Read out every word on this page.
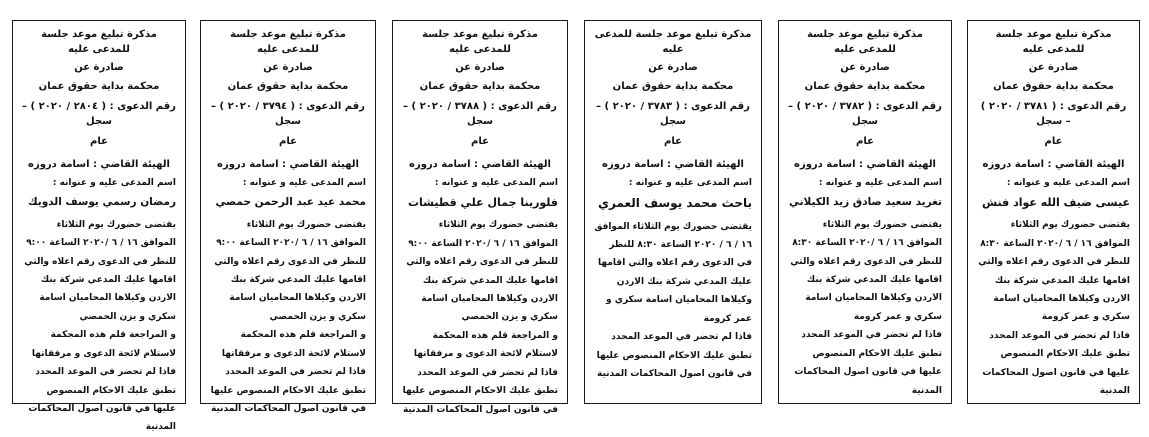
مذكرة تبليغ موعد جلسة للمدعى عليه
صادرة عن
محكمة بداية حقوق عمان
رقم الدعوى : ( ٢٨٠٤ / ٢٠٢٠ ) – سجل
عام
الهيئة القاضي : اسامة دروزه
اسم المدعى عليه و عنوانه :
رمضان رسمي يوسف الدويك

يقتضى حضورك يوم الثلاثاء الموافق ١٦ / ٦ /٢٠٢٠ الساعة ٩:٠٠ للنظر في الدعوى رقم اعلاه والتي اقامها عليك المدعي شركة بنك الاردن وكيلاها المحاميان اسامة سكري و يزن الحمصي

و المراجعة قلم هذه المحكمة لاستلام لائحة الدعوى و مرفقاتها

فاذا لم تحضر في الموعد المحدد تطبق عليك الاحكام المنصوص عليها في قانون اصول المحاكمات المدنية

مذكرة تبليغ موعد جلسة للمدعى عليه
صادرة عن
محكمة بداية حقوق عمان
رقم الدعوى : ( ٣٧٩٤ / ٢٠٢٠ ) – سجل
عام
الهيئة القاضي : اسامة دروزه
اسم المدعى عليه و عنوانه :
محمد عيد عبد الرحمن حمصي

يقتضى حضورك يوم الثلاثاء الموافق ١٦ / ٦ /٢٠٢٠ الساعة ٩:٠٠ للنظر في الدعوى رقم اعلاه والتي اقامها عليك المدعي شركة بنك الاردن وكيلاها المحاميان اسامة سكري و يزن الحمصي

و المراجعة قلم هذه المحكمة لاستلام لائحة الدعوى و مرفقاتها

فاذا لم تحضر في الموعد المحدد تطبق عليك الاحكام المنصوص عليها في قانون اصول المحاكمات المدنية

مذكرة تبليغ موعد جلسة للمدعى عليه
صادرة عن
محكمة بداية حقوق عمان
رقم الدعوى : ( ٣٧٨٨ / ٢٠٢٠ ) – سجل
عام
الهيئة القاضي : اسامة دروزه
اسم المدعى عليه و عنوانه :
فلورينا جمال علي قطيشات

يقتضى حضورك يوم الثلاثاء الموافق ١٦ / ٦ /٢٠٢٠ الساعة ٩:٠٠ للنظر في الدعوى رقم اعلاه والتي اقامها عليك المدعي شركة بنك الاردن وكيلاها المحاميان اسامة سكري و يزن الحمصي

و المراجعة قلم هذه المحكمة لاستلام لائحة الدعوى و مرفقاتها

فاذا لم تحضر في الموعد المحدد تطبق عليك الاحكام المنصوص عليها في قانون اصول المحاكمات المدنية

مذكرة تبليغ موعد جلسة للمدعى عليه
صادرة عن
محكمة بداية حقوق عمان
رقم الدعوى : ( ٣٧٨٣ / ٢٠٢٠ ) – سجل
عام
الهيئة القاضي : اسامة دروزه
اسم المدعى عليه و عنوانه :
باحث محمد يوسف العمري

يقتضى حضورك يوم الثلاثاء الموافق ١٦ / ٦ / ٢٠٢٠ الساعة ٨:٣٠ للنظر في الدعوى رقم اعلاه والتي اقامها عليك المدعي شركة بنك الاردن وكيلاها المحاميان اسامة سكري و عمر كرومة

فاذا لم تحضر في الموعد المحدد تطبق عليك الاحكام المنصوص عليها في قانون اصول المحاكمات المدنية

مذكرة تبليغ موعد جلسة للمدعى عليه
صادرة عن
محكمة بداية حقوق عمان
رقم الدعوى : ( ٣٧٨٢ / ٢٠٢٠ ) – سجل
عام
الهيئة القاضي : اسامة دروزه
اسم المدعى عليه و عنوانه :
تغريد سعيد صادق زيد الكيلاني

يقتضى حضورك يوم الثلاثاء الموافق ١٦ / ٦ /٢٠٢٠ الساعة ٨:٣٠ للنظر في الدعوى رقم اعلاه والتي اقامها عليك المدعي شركة بنك الاردن وكيلاها المحاميان اسامة سكري و عمر كرومة

فاذا لم تحضر في الموعد المحدد تطبق عليك الاحكام المنصوص عليها في قانون اصول المحاكمات المدنية

مذكرة تبليغ موعد جلسة للمدعى عليه
صادرة عن
محكمة بداية حقوق عمان
رقم الدعوى : ( ٣٧٨١ / ٢٠٢٠ ) – سجل
عام
الهيئة القاضي : اسامة دروزه
اسم المدعى عليه و عنوانه :
عيسى ضيف الله عواد فنش

يقتضى حضورك يوم الثلاثاء الموافق ١٦ / ٦ /٢٠٢٠ الساعة ٨:٣٠ للنظر في الدعوى رقم اعلاه والتي اقامها عليك المدعي شركة بنك الاردن وكيلاها المحاميان اسامة سكري و عمر كرومة

فاذا لم تحضر في الموعد المحدد تطبق عليك الاحكام المنصوص عليها في قانون اصول المحاكمات المدنية
